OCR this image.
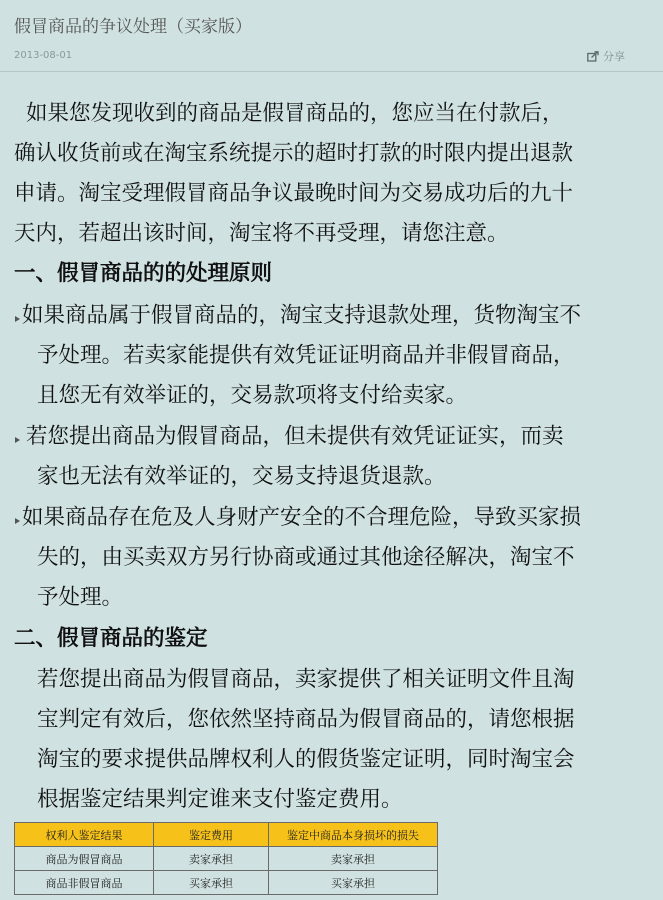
假冒商品的争议处理（买家版）
2013-08-01	分享
如果您发现收到的商品是假冒商品的，您应当在付款后，
确认收货前或在淘宝系统提示的超时打款的时限内提出退款
申请。淘宝受理假冒商品争议最晚时间为交易成功后的九十
天内，若超出该时间，淘宝将不再受理，请您注意。
一、假冒商品的的处理原则
如果商品属于假冒商品的，淘宝支持退款处理，货物淘宝不
予处理。若卖家能提供有效凭证证明商品并非假冒商品，
且您无有效举证的，交易款项将支付给卖家。
若您提出商品为假冒商品，但未提供有效凭证证实，而卖
家也无法有效举证的，交易支持退货退款。
如果商品存在危及人身财产安全的不合理危险，导致买家损
失的，由买卖双方另行协商或通过其他途径解决，淘宝不
予处理。
二、假冒商品的鉴定
若您提出商品为假冒商品，卖家提供了相关证明文件且淘
宝判定有效后，您依然坚持商品为假冒商品的，请您根据
淘宝的要求提供品牌权利人的假货鉴定证明，同时淘宝会
根据鉴定结果判定谁来支付鉴定费用。
权利人鉴定结果	鉴定费用	鉴定中商品本身损坏的损失
商品为假冒商品	卖家承担	卖家承担
商品非假冒商品	买家承担	买家承担
